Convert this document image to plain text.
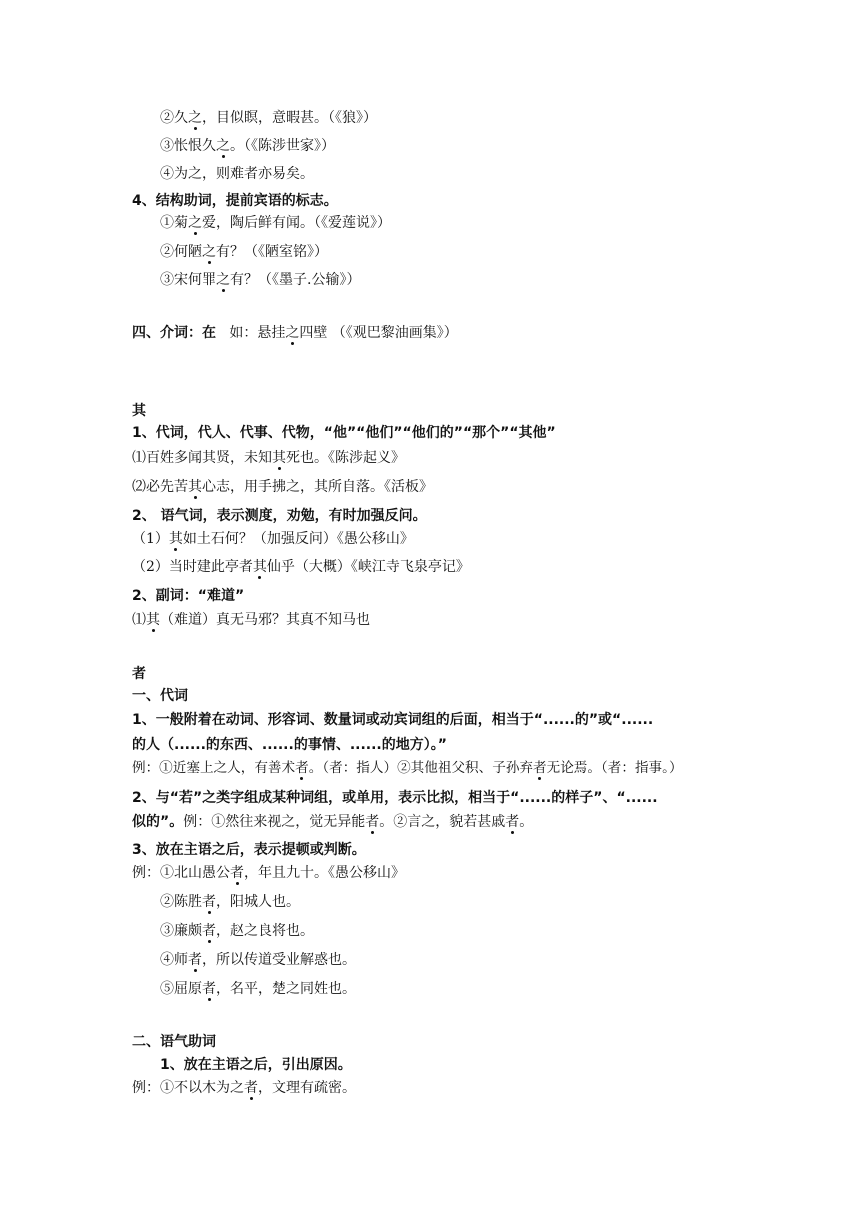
②久之，目似瞑，意暇甚。（《狼》）
③怅恨久之。（《陈涉世家》）
④为之，则难者亦易矣。
4、结构助词，提前宾语的标志。
①菊之爱，陶后鲜有闻。（《爱莲说》）
②何陋之有？（《陋室铭》）
③宋何罪之有？（《墨子.公输》）
四、介词：在 如：悬挂之四壁 （《观巴黎油画集》）
其
1、代词，代人、代事、代物，“他”“他们”“他们的”“那个”“其他”
⑴百姓多闻其贤，未知其死也。《陈涉起义》
⑵必先苦其心志，用手拂之，其所自落。《活板》
2、 语气词，表示测度，劝勉，有时加强反问。
（1）其如土石何？（加强反问）《愚公移山》
（2）当时建此亭者其仙乎（大概）《峡江寺飞泉亭记》
2、副词：“难道”
⑴其（难道）真无马邪？其真不知马也
者
一、代词
1、一般附着在动词、形容词、数量词或动宾词组的后面，相当于“......的”或“......
的人（......的东西、......的事情、......的地方）。”
例：①近塞上之人，有善术者。（者：指人）②其他祖父积、子孙弃者无论焉。（者：指事。）
2、与“若”之类字组成某种词组，或单用，表示比拟，相当于“......的样子”、“......
似的”。例：①然往来视之，觉无异能者。②言之，貌若甚戚者。
3、放在主语之后，表示提顿或判断。
例：①北山愚公者，年且九十。《愚公移山》
②陈胜者，阳城人也。
③廉颇者，赵之良将也。
④师者，所以传道受业解惑也。
⑤屈原者，名平，楚之同姓也。
二、语气助词
1、放在主语之后，引出原因。
例：①不以木为之者，文理有疏密。
